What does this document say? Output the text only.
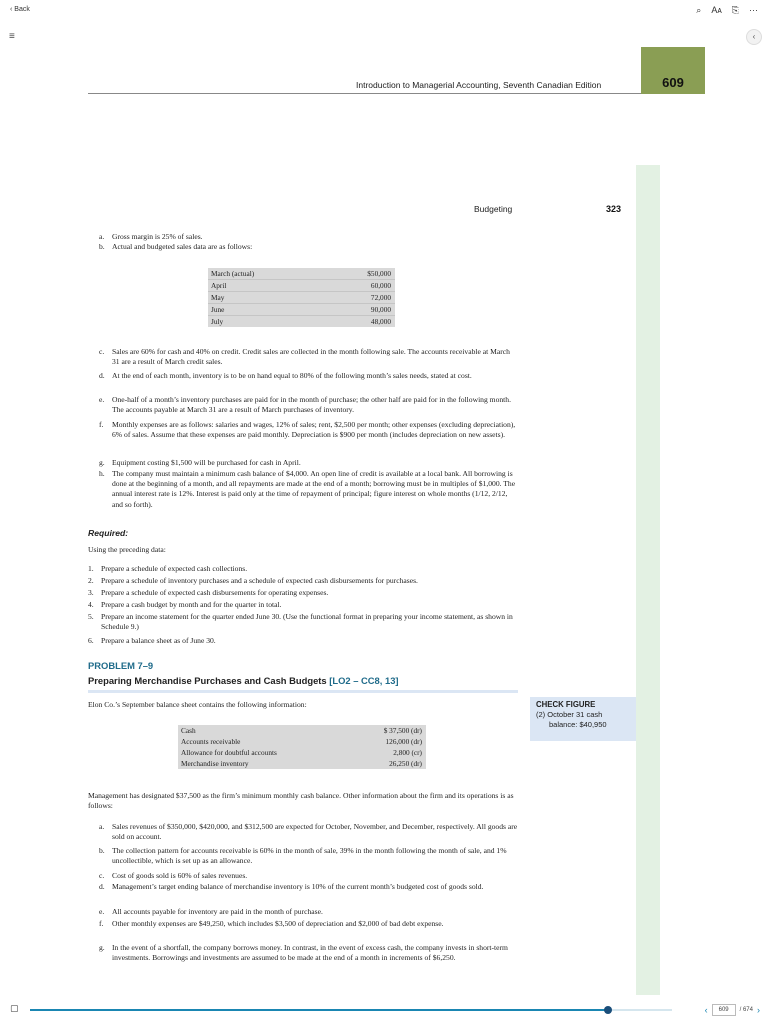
‹ Back	⌕ Aᴀ ⎘ ···
≡	‹
609
Introduction to Managerial Accounting, Seventh Canadian Edition
Budgeting	323
a. Gross margin is 25% of sales.
b. Actual and budgeted sales data are as follows:
March (actual)	$50,000
April	60,000
May	72,000
June	90,000
July	48,000
c. Sales are 60% for cash and 40% on credit. Credit sales are collected in the month following sale. The accounts receivable at March 31 are a result of March credit sales.
d. At the end of each month, inventory is to be on hand equal to 80% of the following month’s sales needs, stated at cost.
e. One-half of a month’s inventory purchases are paid for in the month of purchase; the other half are paid for in the following month. The accounts payable at March 31 are a result of March purchases of inventory.
f. Monthly expenses are as follows: salaries and wages, 12% of sales; rent, $2,500 per month; other expenses (excluding depreciation), 6% of sales. Assume that these expenses are paid monthly. Depreciation is $900 per month (includes depreciation on new assets).
g. Equipment costing $1,500 will be purchased for cash in April.
h. The company must maintain a minimum cash balance of $4,000. An open line of credit is available at a local bank. All borrowing is done at the beginning of a month, and all repayments are made at the end of a month; borrowing must be in multiples of $1,000. The annual interest rate is 12%. Interest is paid only at the time of repayment of principal; figure interest on whole months (1/12, 2/12, and so forth).
Required:
Using the preceding data:
1. Prepare a schedule of expected cash collections.
2. Prepare a schedule of inventory purchases and a schedule of expected cash disbursements for purchases.
3. Prepare a schedule of expected cash disbursements for operating expenses.
4. Prepare a cash budget by month and for the quarter in total.
5. Prepare an income statement for the quarter ended June 30. (Use the functional format in preparing your income statement, as shown in Schedule 9.)
6. Prepare a balance sheet as of June 30.
PROBLEM 7–9
Preparing Merchandise Purchases and Cash Budgets [LO2 – CC8, 13]
CHECK FIGURE
(2) October 31 cash
balance: $40,950
Elon Co.’s September balance sheet contains the following information:
Cash	$ 37,500 (dr)
Accounts receivable	126,000 (dr)
Allowance for doubtful accounts	2,800 (cr)
Merchandise inventory	26,250 (dr)
Management has designated $37,500 as the firm’s minimum monthly cash balance. Other information about the firm and its operations is as follows:
a. Sales revenues of $350,000, $420,000, and $312,500 are expected for October, November, and December, respectively. All goods are sold on account.
b. The collection pattern for accounts receivable is 60% in the month of sale, 39% in the month following the month of sale, and 1% uncollectible, which is set up as an allowance.
c. Cost of goods sold is 60% of sales revenues.
d. Management’s target ending balance of merchandise inventory is 10% of the current month’s budgeted cost of goods sold.
e. All accounts payable for inventory are paid in the month of purchase.
f. Other monthly expenses are $49,250, which includes $3,500 of depreciation and $2,000 of bad debt expense.
g. In the event of a shortfall, the company borrows money. In contrast, in the event of excess cash, the company invests in short-term investments. Borrowings and investments are assumed to be made at the end of a month in increments of $6,250.
▢	‹	609	/ 674 ›
